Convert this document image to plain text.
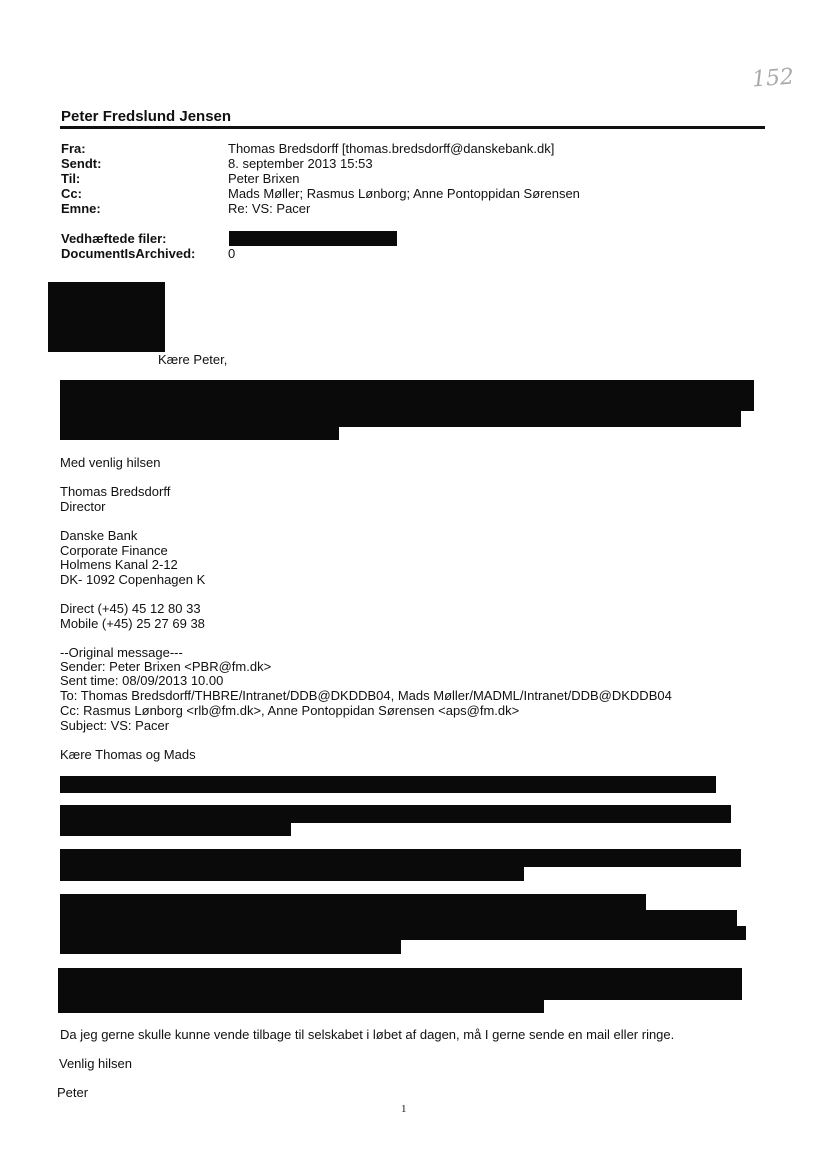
152
Peter Fredslund Jensen
Fra:	Thomas Bredsdorff [thomas.bredsdorff@danskebank.dk]
Sendt:	8. september 2013 15:53
Til:	Peter Brixen
Cc:	Mads Møller; Rasmus Lønborg; Anne Pontoppidan Sørensen
Emne:	Re: VS: Pacer
Vedhæftede filer:
DocumentIsArchived:	0
Kære Peter,
Med venlig hilsen
Thomas Bredsdorff
Director
Danske Bank
Corporate Finance
Holmens Kanal 2-12
DK- 1092 Copenhagen K
Direct (+45) 45 12 80 33
Mobile (+45) 25 27 69 38
--Original message---
Sender: Peter Brixen <PBR@fm.dk>
Sent time: 08/09/2013 10.00
To: Thomas Bredsdorff/THBRE/Intranet/DDB@DKDDB04, Mads Møller/MADML/Intranet/DDB@DKDDB04
Cc: Rasmus Lønborg <rlb@fm.dk>, Anne Pontoppidan Sørensen <aps@fm.dk>
Subject: VS: Pacer
Kære Thomas og Mads
Da jeg gerne skulle kunne vende tilbage til selskabet i løbet af dagen, må I gerne sende en mail eller ringe.
Venlig hilsen
Peter
1
